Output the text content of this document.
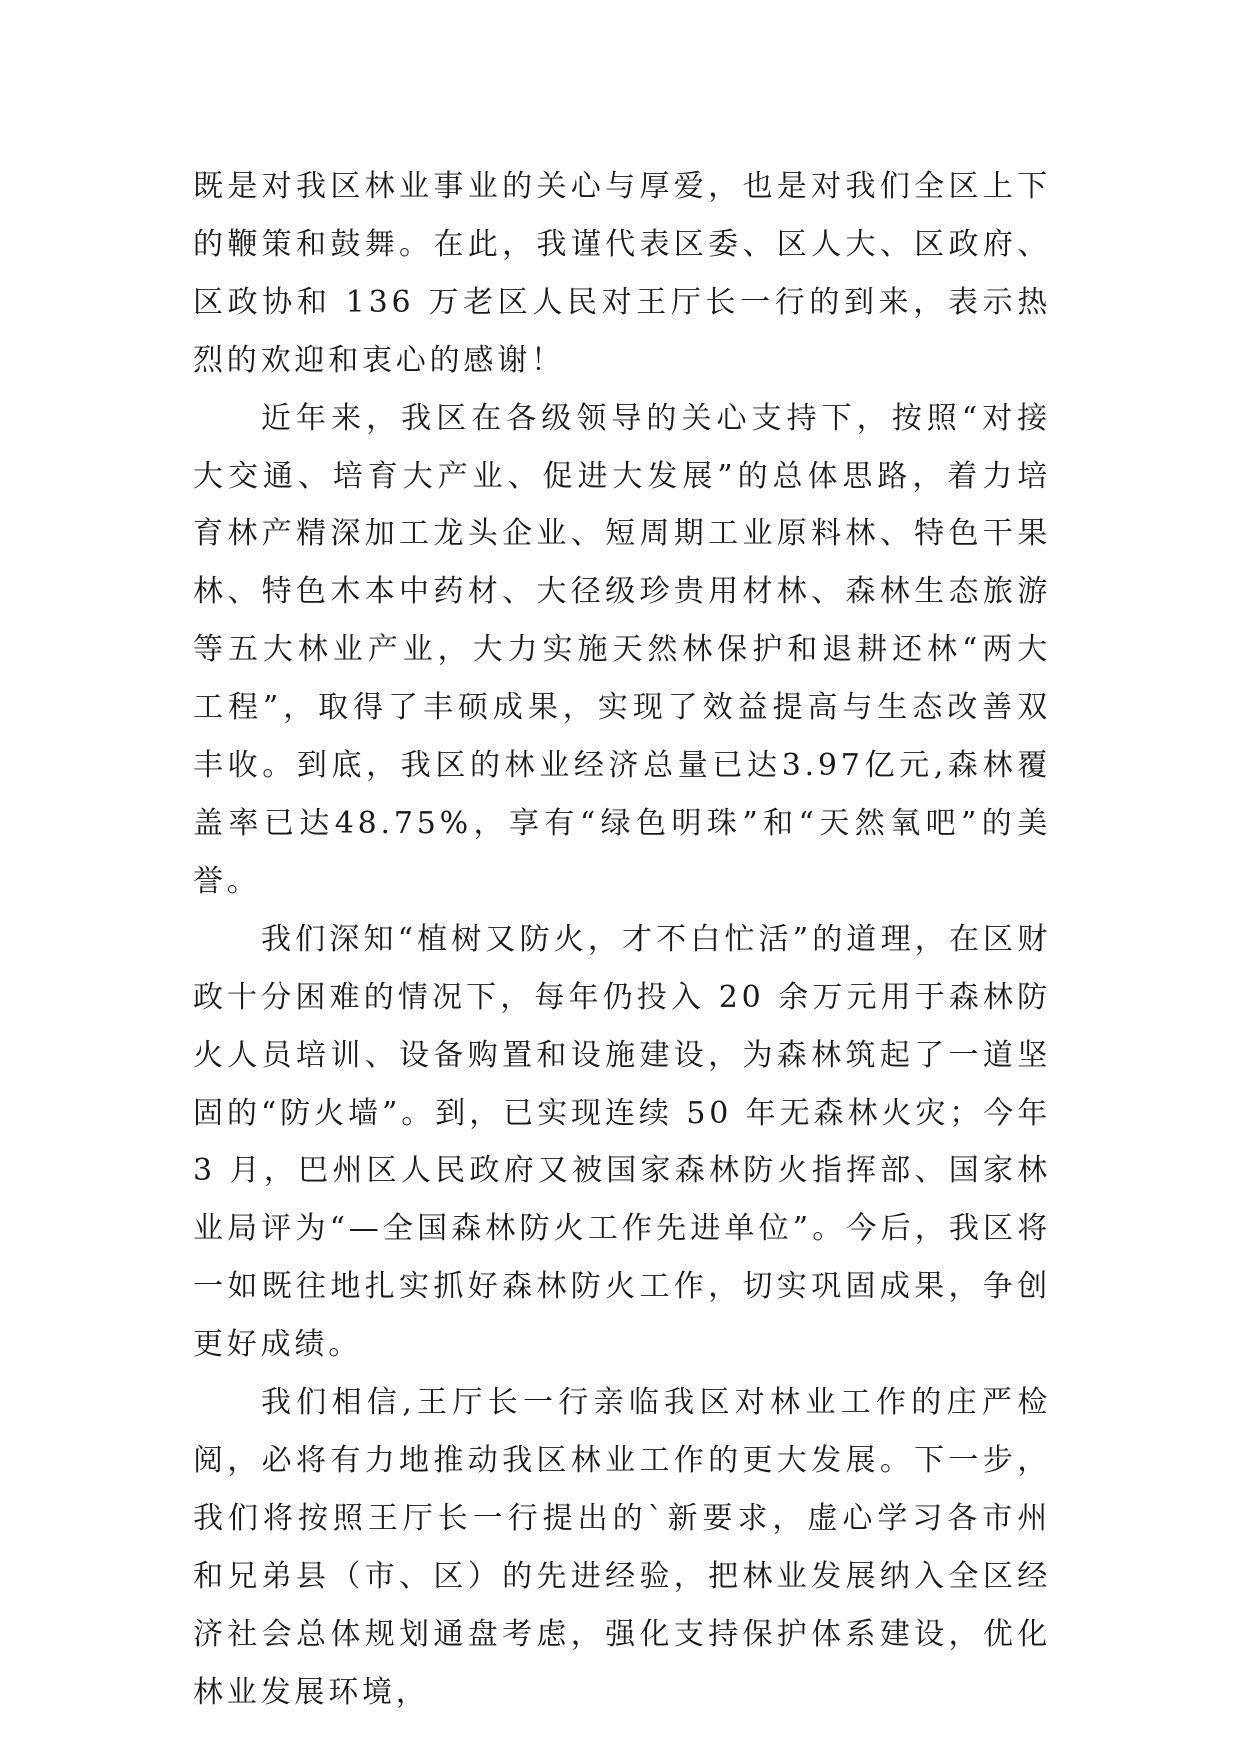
既是对我区林业事业的关心与厚爱，也是对我们全区上下的鞭策和鼓舞。在此，我谨代表区委、区人大、区政府、区政协和 136 万老区人民对王厅长一行的到来，表示热烈的欢迎和衷心的感谢！

近年来，我区在各级领导的关心支持下，按照“对接大交通、培育大产业、促进大发展”的总体思路，着力培育林产精深加工龙头企业、短周期工业原料林、特色干果林、特色木本中药材、大径级珍贵用材林、森林生态旅游等五大林业产业，大力实施天然林保护和退耕还林“两大工程”，取得了丰硕成果，实现了效益提高与生态改善双丰收。到底，我区的林业经济总量已达3.97亿元,森林覆盖率已达48.75%，享有“绿色明珠”和“天然氧吧”的美誉。

我们深知“植树又防火，才不白忙活”的道理，在区财政十分困难的情况下，每年仍投入 20 余万元用于森林防火人员培训、设备购置和设施建设，为森林筑起了一道坚固的“防火墙”。到，已实现连续 50 年无森林火灾；今年 3 月，巴州区人民政府又被国家森林防火指挥部、国家林业局评为“—全国森林防火工作先进单位”。今后，我区将一如既往地扎实抓好森林防火工作，切实巩固成果，争创更好成绩。

我们相信,王厅长一行亲临我区对林业工作的庄严检阅，必将有力地推动我区林业工作的更大发展。下一步，我们将按照王厅长一行提出的`新要求，虚心学习各市州和兄弟县（市、区）的先进经验，把林业发展纳入全区经济社会总体规划通盘考虑，强化支持保护体系建设，优化林业发展环境，
